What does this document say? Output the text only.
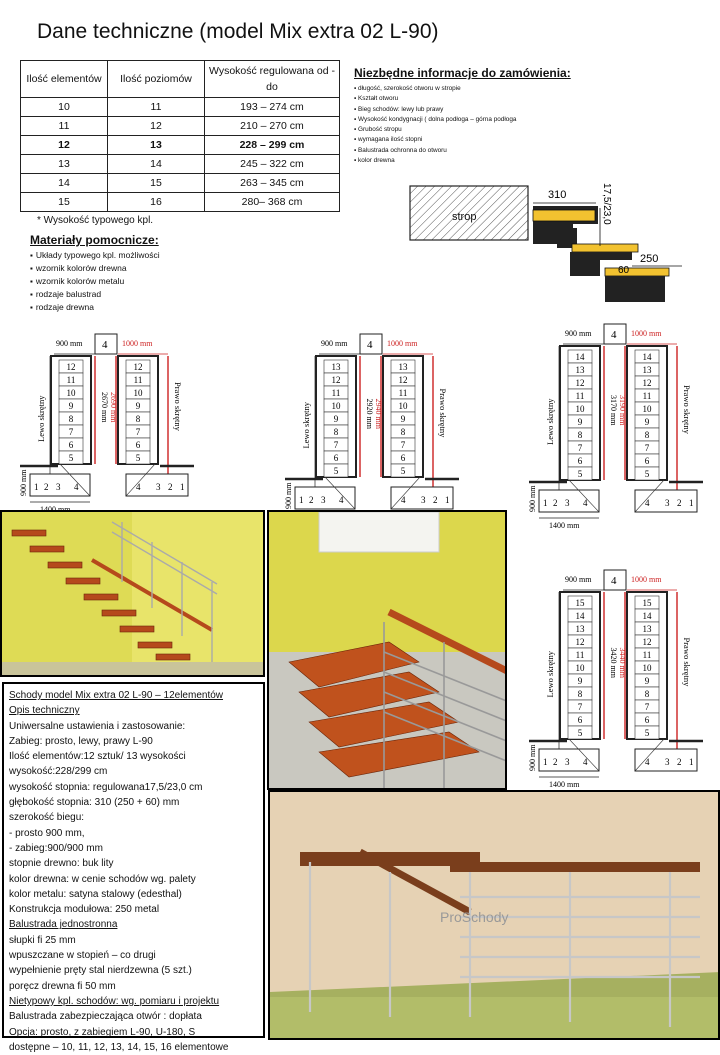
Dane techniczne (model Mix extra 02 L-90)
Ilość elementów	Ilość poziomów	Wysokość regulowana od - do
10	11	193 – 274 cm
11	12	210 – 270 cm
12	13	228 – 299 cm
13	14	245 – 322 cm
14	15	263 – 345 cm
15	16	280– 368 cm
* Wysokość typowego kpl.
Materiały pomocnicze:
▪ Układy typowego kpl. możliwości
▪ wzornik kolorów drewna
▪ wzornik kolorów metalu
▪ rodzaje balustrad
▪ rodzaje drewna
Niezbędne informacje do zamówienia:
▪ długość, szerokość otworu w stropie
▪ Kształt otworu
▪ Bieg schodów: lewy lub prawy
▪ Wysokość kondygnacji ( dolna podłoga – górna podłoga
▪ Grubość stropu
▪ wymagana ilość stopni
▪ Balustrada ochronna do otworu
▪ kolor drewna
strop
310	17,5/23,0
250
60
900 mm 4 1000 mm
12
11
10
9
8
7
6
5
12
11
10
9
8
7
6
5
2670 mm 2690 mm
Lewo skrętny	Prawo skrętny
1 2 3 4	4 3 2 1
900 mm
900 mm 4 1000 mm
13
12
11
10
9
8
7
6
5
13
12
11
10
9
8
7
6
5
2920 mm 2940 mm
Lewo skrętny	Prawo skrętny
1 2 3 4	4 3 2 1
900 mm
900 mm 4 1000 mm
14
13
12
11
10
9
8
7
6
5
14
13
12
11
10
9
8
7
6
5
3170 mm 3190 mm
Lewo skrętny	Prawo skrętny
1 2 3 4	4 3 2 1
900 mm
1400 mm
900 mm 4 1000 mm
15
14
13
12
11
10
9
8
7
6
5
15
14
13
12
11
10
9
8
7
6
5
3420 mm 3440 mm
Lewo skrętny	Prawo skrętny
1 2 3 4	4 3 2 1
900 mm
1400 mm
Schody model Mix extra 02 L-90 – 12elementów
Opis techniczny
Uniwersalne ustawienia i zastosowanie:
Zabieg: prosto, lewy, prawy L-90
Ilość elementów:12 sztuk/ 13 wysokości
wysokość:228/299 cm
wysokość stopnia: regulowana17,5/23,0 cm
głębokość stopnia: 310 (250 + 60) mm
szerokość biegu:
- prosto 900 mm,
- zabieg:900/900 mm
stopnie drewno: buk lity
kolor drewna: w cenie schodów wg. palety
kolor metalu: satyna stalowy (edesthal)
Konstrukcja modułowa: 250 metal
Balustrada jednostronna
słupki fi 25 mm
wpuszczane w stopień – co drugi
wypełnienie pręty stal nierdzewna (5 szt.)
poręcz drewna fi 50 mm
Nietypowy kpl. schodów: wg. pomiaru i projektu
Balustrada zabezpieczająca otwór : dopłata
Opcja: prosto, z zabiegiem L-90, U-180, S
dostępne – 10, 11, 12, 13, 14, 15, 16 elementowe
ProSchody
